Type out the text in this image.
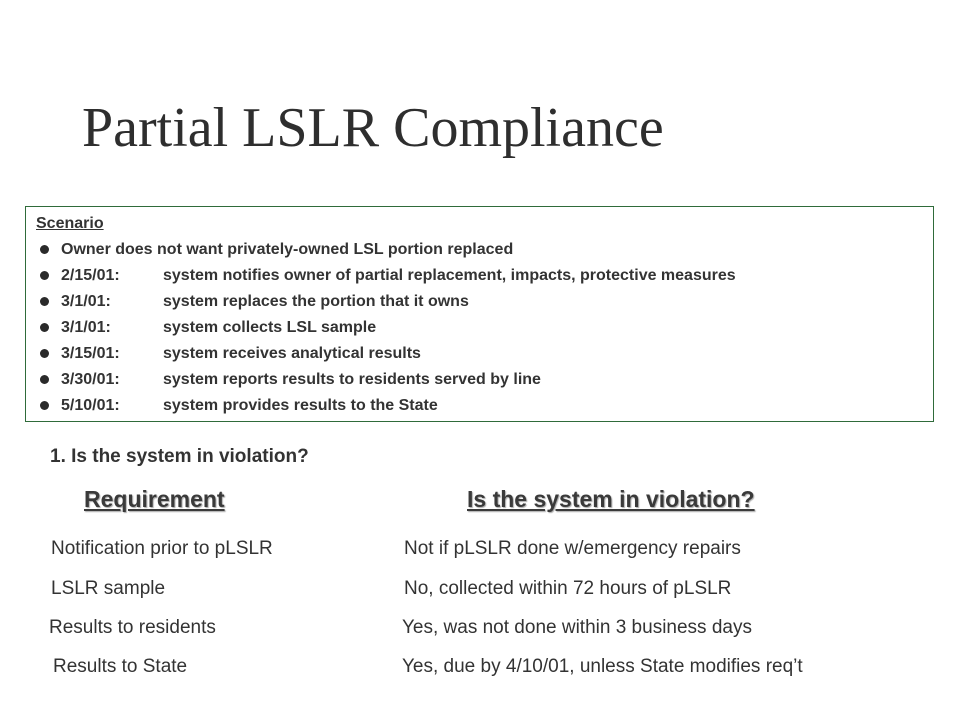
Partial LSLR Compliance
Scenario
Owner does not want privately-owned LSL portion replaced
2/15/01:	system notifies owner of partial replacement, impacts, protective measures
3/1/01:	system replaces the portion that it owns
3/1/01:	system collects LSL sample
3/15/01:	system receives analytical results
3/30/01:	system reports results to residents served by line
5/10/01:	system provides results to the State
1. Is the system in violation?
Requirement	Is the system in violation?
Notification prior to pLSLR	Not if pLSLR done w/emergency repairs
LSLR sample	No, collected within 72 hours of pLSLR
Results to residents	Yes, was not done within 3 business days
Results to State	Yes, due by 4/10/01, unless State modifies req’t
